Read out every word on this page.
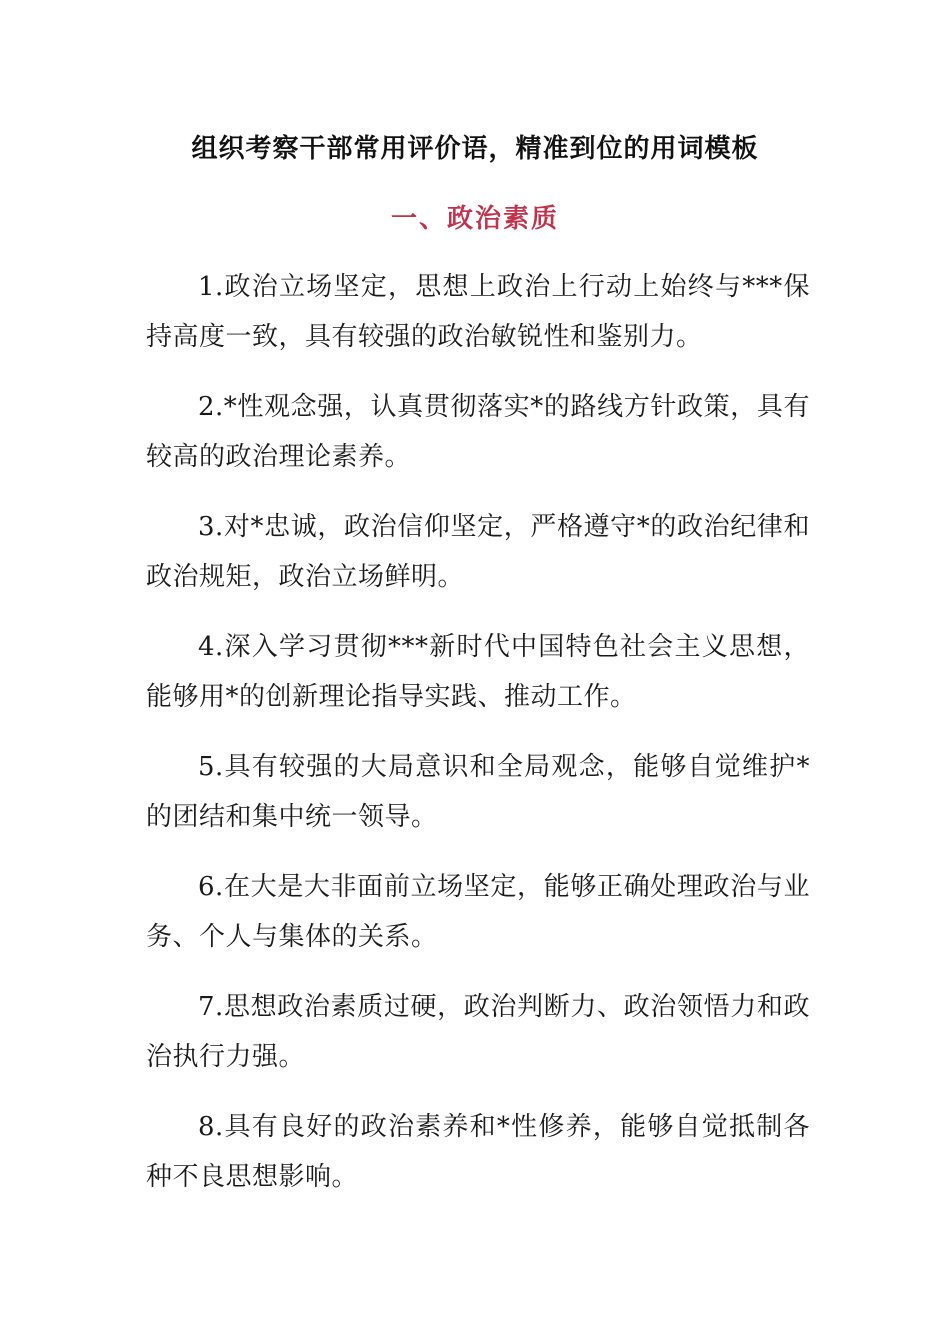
组织考察干部常用评价语，精准到位的用词模板
一、政治素质
1.政治立场坚定，思想上政治上行动上始终与***保持高度一致，具有较强的政治敏锐性和鉴别力。
2.*性观念强，认真贯彻落实*的路线方针政策，具有较高的政治理论素养。
3.对*忠诚，政治信仰坚定，严格遵守*的政治纪律和政治规矩，政治立场鲜明。
4.深入学习贯彻***新时代中国特色社会主义思想，能够用*的创新理论指导实践、推动工作。
5.具有较强的大局意识和全局观念，能够自觉维护*的团结和集中统一领导。
6.在大是大非面前立场坚定，能够正确处理政治与业务、个人与集体的关系。
7.思想政治素质过硬，政治判断力、政治领悟力和政治执行力强。
8.具有良好的政治素养和*性修养，能够自觉抵制各种不良思想影响。
